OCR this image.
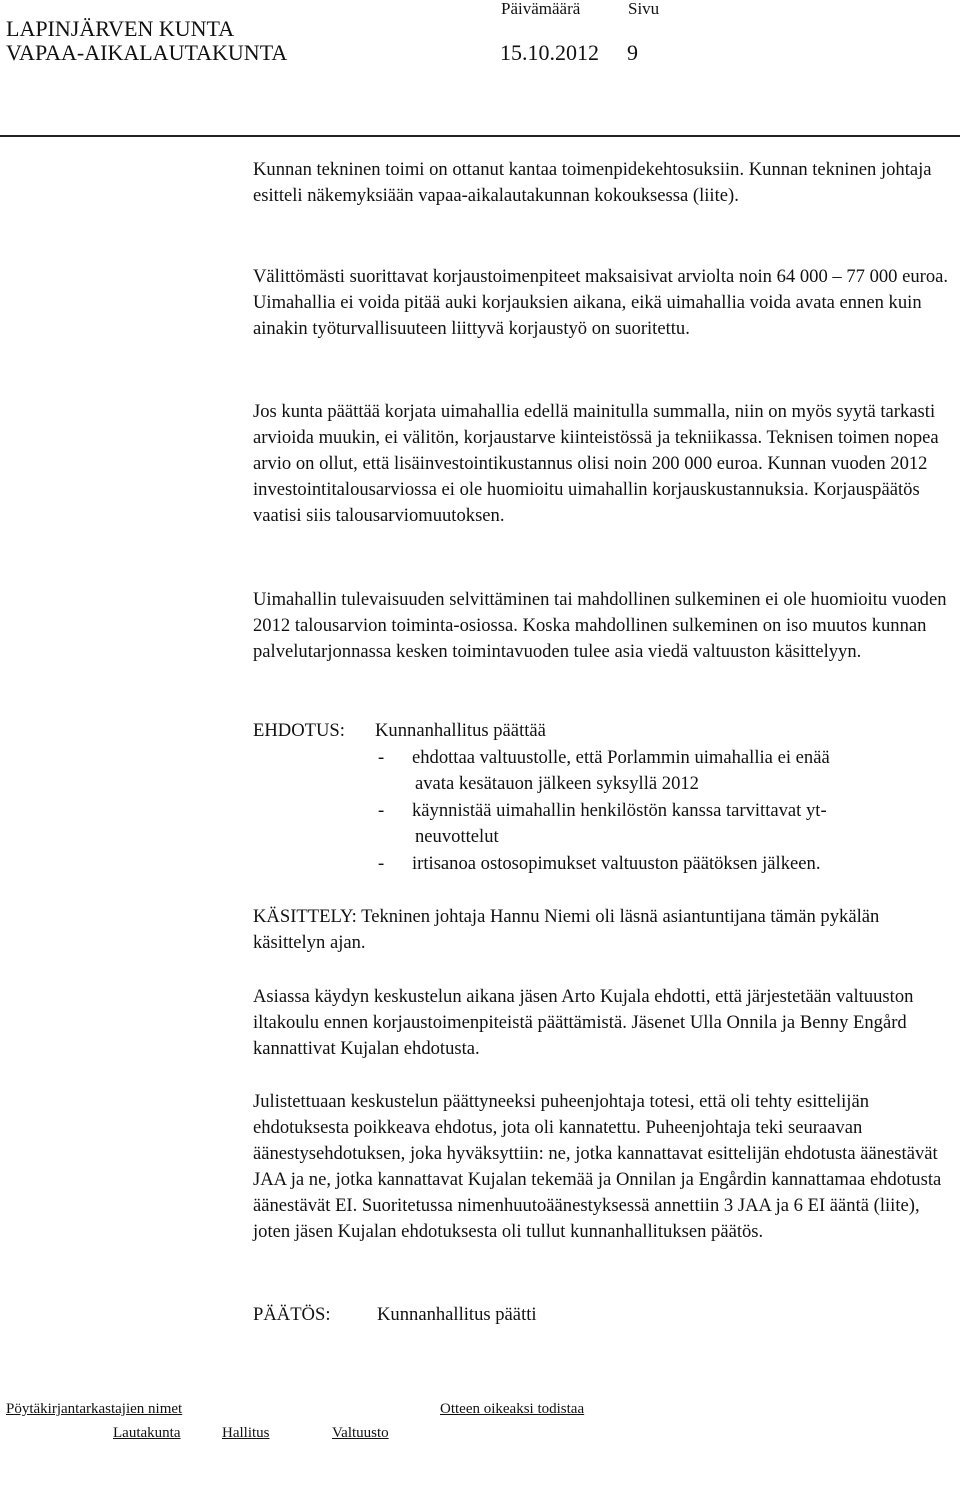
LAPINJÄRVEN KUNTA
VAPAA-AIKALAUTAKUNTA
Päivämäärä	Sivu
15.10.2012 9

Kunnan tekninen toimi on ottanut kantaa toimenpidekehtosuksiin. Kunnan tekninen johtaja esitteli näkemyksiään vapaa-aikalautakunnan kokouksessa (liite).

Välittömästi suorittavat korjaustoimenpiteet maksaisivat arviolta noin 64 000 – 77 000 euroa. Uimahallia ei voida pitää auki korjauksien aikana, eikä uimahallia voida avata ennen kuin ainakin työturvallisuuteen liittyvä korjaustyö on suoritettu.

Jos kunta päättää korjata uimahallia edellä mainitulla summalla, niin on myös syytä tarkasti arvioida muukin, ei välitön, korjaustarve kiinteistössä ja tekniikassa. Teknisen toimen nopea arvio on ollut, että lisäinvestointikustannus olisi noin 200 000 euroa. Kunnan vuoden 2012 investointitalousarviossa ei ole huomioitu uimahallin korjauskustannuksia. Korjauspäätös vaatisi siis talousarviomuutoksen.

Uimahallin tulevaisuuden selvittäminen tai mahdollinen sulkeminen ei ole huomioitu vuoden 2012 talousarvion toiminta-osiossa. Koska mahdollinen sulkeminen on iso muutos kunnan palvelutarjonnassa kesken toimintavuoden tulee asia viedä valtuuston käsittelyyn.

EHDOTUS: Kunnanhallitus päättää
- ehdottaa valtuustolle, että Porlammin uimahallia ei enää
avata kesätauon jälkeen syksyllä 2012
- käynnistää uimahallin henkilöstön kanssa tarvittavat yt-
neuvottelut
- irtisanoa ostosopimukset valtuuston päätöksen jälkeen.

KÄSITTELY: Tekninen johtaja Hannu Niemi oli läsnä asiantuntijana tämän pykälän käsittelyn ajan.

Asiassa käydyn keskustelun aikana jäsen Arto Kujala ehdotti, että järjestetään valtuuston iltakoulu ennen korjaustoimenpiteistä päättämistä. Jäsenet Ulla Onnila ja Benny Engård kannattivat Kujalan ehdotusta.

Julistettuaan keskustelun päättyneeksi puheenjohtaja totesi, että oli tehty esittelijän ehdotuksesta poikkeava ehdotus, jota oli kannatettu. Puheenjohtaja teki seuraavan äänestysehdotuksen, joka hyväksyttiin: ne, jotka kannattavat esittelijän ehdotusta äänestävät JAA ja ne, jotka kannattavat Kujalan tekemää ja Onnilan ja Engårdin kannattamaa ehdotusta äänestävät EI. Suoritetussa nimenhuutoäänestyksessä annettiin 3 JAA ja 6 EI ääntä (liite), joten jäsen Kujalan ehdotuksesta oli tullut kunnanhallituksen päätös.

PÄÄTÖS:	Kunnanhallitus päätti
Pöytäkirjantarkastajien nimet	Otteen oikeaksi todistaa
Lautakunta	Hallitus	Valtuusto
